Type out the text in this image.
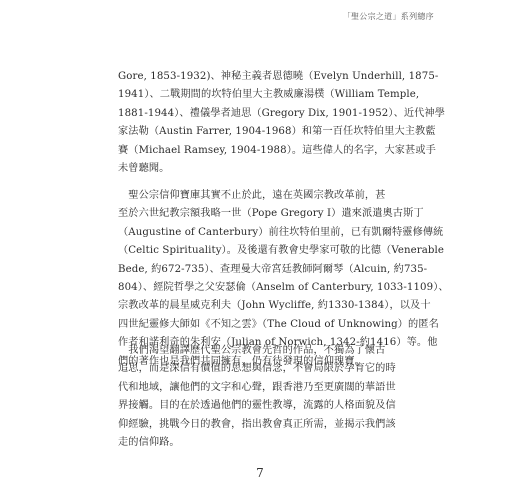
「聖公宗之道」系列總序
Gore, 1853-1932)、神秘主義者恩德曉（Evelyn Underhill, 1875-
1941）、二戰期間的坎特伯里大主教威廉湯樸（William Temple,
1881-1944）、禮儀學者迪思（Gregory Dix, 1901-1952）、近代神學
家法勒（Austin Farrer, 1904-1968）和第一百任坎特伯里大主教藍
賽（Michael Ramsey, 1904-1988）。這些偉人的名字，大家甚或手
未曾聽聞。
　聖公宗信仰寶庫其實不止於此，遠在英國宗教改革前，甚
至於六世紀教宗額我略一世（Pope Gregory I）遣來派遣奧古斯丁
（Augustine of Canterbury）前往坎特伯里前，已有凱爾特靈修傳統
（Celtic Spirituality）。及後還有教會史學家可敬的比德（Venerable
Bede, 約672-735）、查理曼大帝宮廷教師阿爾琴（Alcuin, 約735-
804）、經院哲學之父安瑟倫（Anselm of Canterbury, 1033-1109）、
宗教改革的晨星威克利夫（John Wycliffe, 約1330-1384），以及十
四世紀靈修大師如《不知之雲》（The Cloud of Unknowing）的匿名
作者和諾利奇的朱利安（Julian of Norwich, 1342-約1416）等。他
們的著作也是我們共同擁有、仍有待發現的信仰瑰寶。
　我們渴望翻譯歷代聖公宗教會先哲的作品，不獨為了懷古
追思，而是深信有價值的思想與信念，不會局限於孕育它的時
代和地域，讓他們的文字和心聲，跟香港乃至更廣闊的華語世
界接觸。目的在於透過他們的靈性教導，流露的人格面貌及信
仰經驗，挑戰今日的教會，指出教會真正所需，並揭示我們該
走的信仰路。
7
